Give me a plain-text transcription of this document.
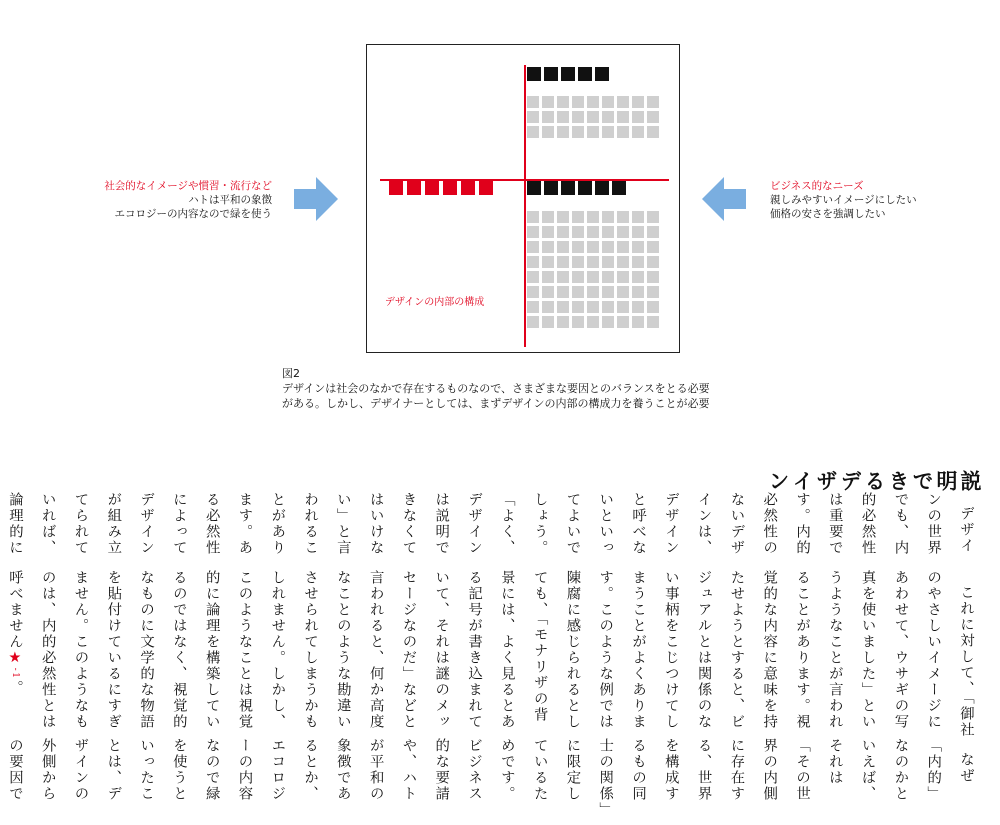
社会的なイメージや慣習・流行など
ハトは平和の象徴
エコロジーの内容なので緑を使う
デザインの内部の構成
ビジネス的なニーズ
親しみやすいイメージにしたい
価格の安さを強調したい
図2
デザインは社会のなかで存在するものなので、さまざまな要因とのバランスをとる必要
がある。しかし、デザイナーとしては、まずデザインの内部の構成力を養うことが必要
説明できるデザイン

デザインの世界でも、内的必然性は重要です。内的必然性のないデザインは、デザインと呼べないといってよいでしょう。「よく、デザインは説明できなくてはいけない」と言われることがあります。ある必然性によってデザインが組み立てられていれば、論理的に

これに対して、「御社のやさしいイメージにあわせて、ウサギの写真を使いました」というようなことが言われることがあります。視覚的な内容に意味を持たせようとすると、ビジュアルとは関係のない事柄をこじつけてしまうことがよくあります。このような例では陳腐に感じられるとしても、「モナリザの背景には、よく見るとある記号が書き込まれていて、それは謎のメッセージなのだ」などと言われると、何か高度なことのような勘違いさせられてしまうかもしれません。しかし、このようなことは視覚的に論理を構築しているのではなく、視覚的なものに文学的な物語を貼付けているにすぎません。このようなものは、内的必然性とは呼べません★-1。

なぜ「内的」なのかといえば、それは「その世界の内側に存在する、世界を構成するもの同士の関係」に限定しているためです。ビジネス的な要請や、ハトが平和の象徴であるとか、エコロジーの内容なので緑を使うといったことは、デザインの外側からの要因で
